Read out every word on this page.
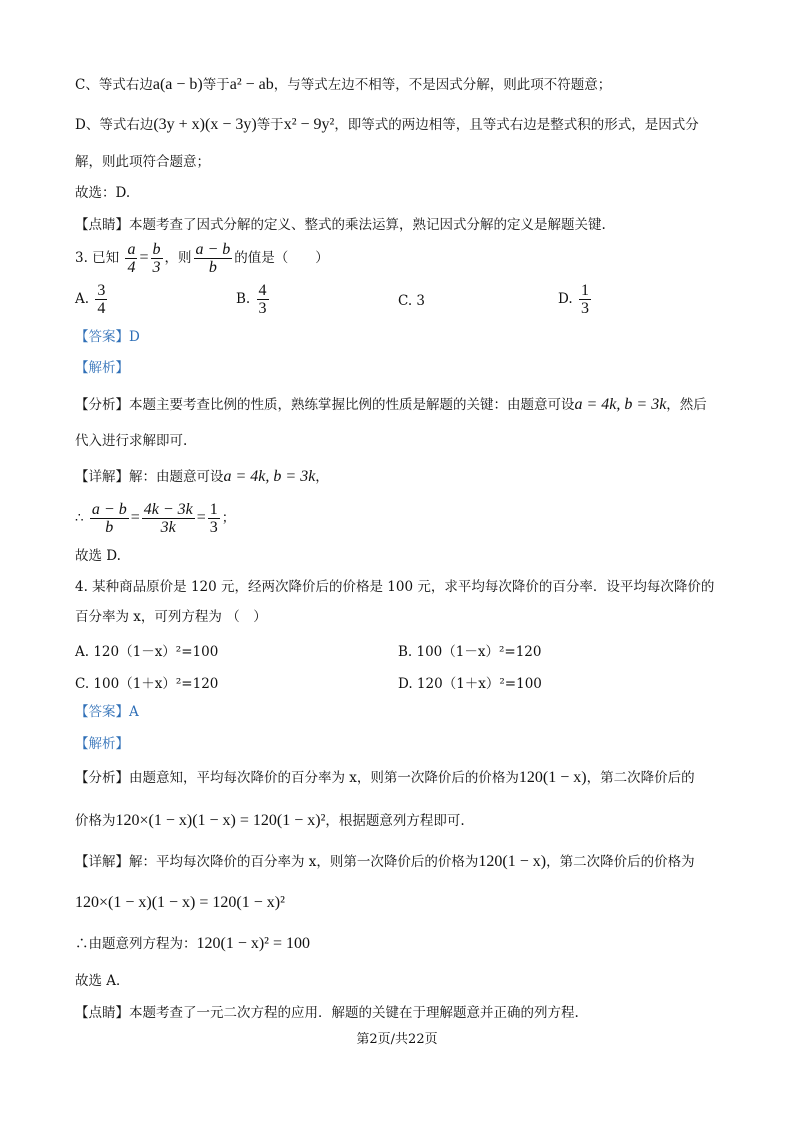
C、等式右边a(a − b)等于a² − ab，与等式左边不相等，不是因式分解，则此项不符题意；
D、等式右边(3y + x)(x − 3y)等于x² − 9y²，即等式的两边相等，且等式右边是整式积的形式，是因式分
解，则此项符合题意；
故选：D.
【点睛】本题考查了因式分解的定义、整式的乘法运算，熟记因式分解的定义是解题关键.
3. 已知 $\frac{a}{4} = \frac{b}{3}$ ，则 $\frac{a - b}{b}$ 的值是（　　）
A. $\frac{3}{4}$	B. $\frac{4}{3}$	C. 3	D. $\frac{1}{3}$
【答案】D
【解析】
【分析】本题主要考查比例的性质，熟练掌握比例的性质是解题的关键：由题意可设a = 4k, b = 3k，然后
代入进行求解即可.
【详解】解：由题意可设a = 4k, b = 3k，
∴ $\frac{a - b}{b} = \frac{4k - 3k}{3k} = \frac{1}{3}$ ；
故选 D.
4. 某种商品原价是 120 元，经两次降价后的价格是 100 元，求平均每次降价的百分率．设平均每次降价的
百分率为 x，可列方程为 （　）
A. 120（1－x）²=100	B. 100（1－x）²=120
C. 100（1＋x）²=120	D. 120（1＋x）²=100
【答案】A
【解析】
【分析】由题意知，平均每次降价的百分率为 x，则第一次降价后的价格为120(1 − x)，第二次降价后的
价格为120×(1 − x)(1 − x) = 120(1 − x)²，根据题意列方程即可.
【详解】解：平均每次降价的百分率为 x，则第一次降价后的价格为120(1 − x)，第二次降价后的价格为
120×(1 − x)(1 − x) = 120(1 − x)²
∴由题意列方程为：120(1 − x)² = 100
故选 A．
【点睛】本题考查了一元二次方程的应用．解题的关键在于理解题意并正确的列方程.
第2页/共22页
